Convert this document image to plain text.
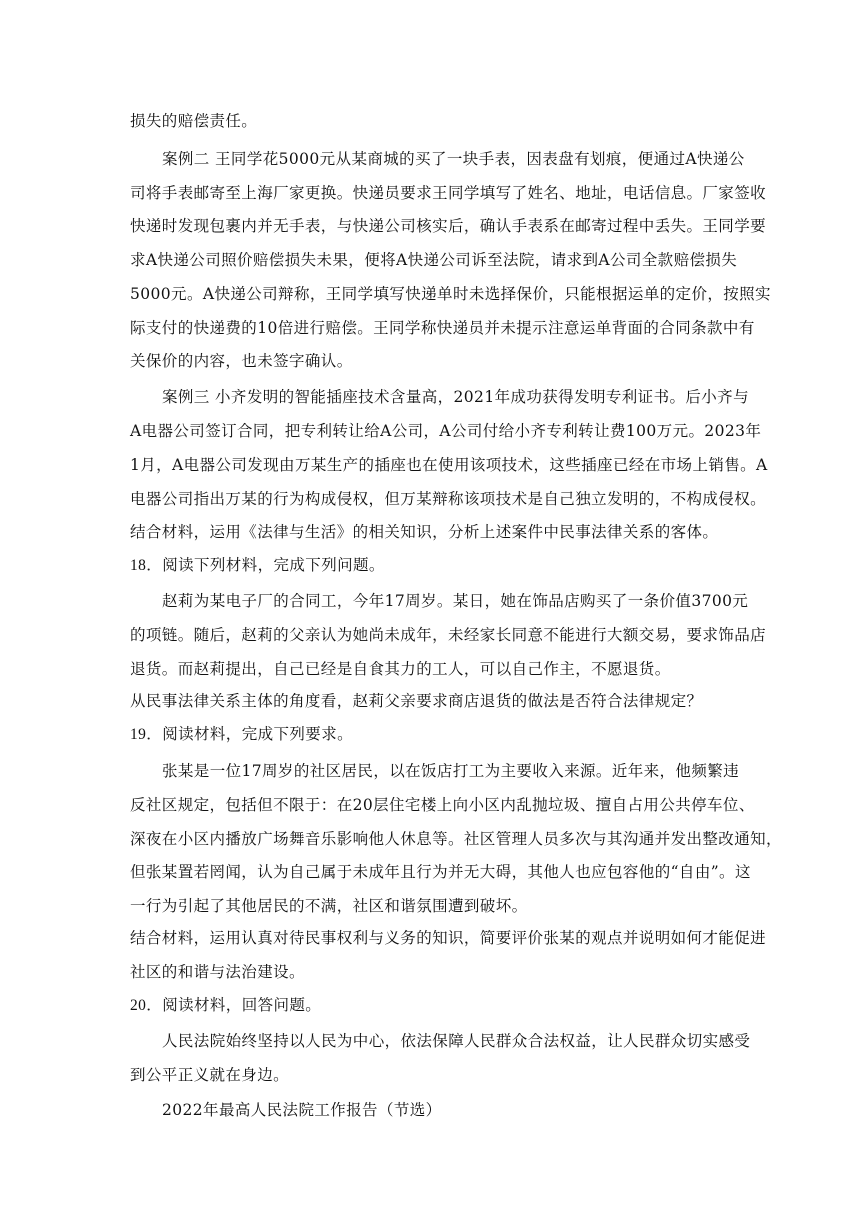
损失的赔偿责任。
案例二 王同学花5000元从某商城的买了一块手表，因表盘有划痕，便通过A快递公
司将手表邮寄至上海厂家更换。快递员要求王同学填写了姓名、地址，电话信息。厂家签收
快递时发现包裹内并无手表，与快递公司核实后，确认手表系在邮寄过程中丢失。王同学要
求A快递公司照价赔偿损失未果，便将A快递公司诉至法院，请求到A公司全款赔偿损失
5000元。A快递公司辩称，王同学填写快递单时未选择保价，只能根据运单的定价，按照实
际支付的快递费的10倍进行赔偿。王同学称快递员并未提示注意运单背面的合同条款中有
关保价的内容，也未签字确认。
案例三 小齐发明的智能插座技术含量高，2021年成功获得发明专利证书。后小齐与
A电器公司签订合同，把专利转让给A公司，A公司付给小齐专利转让费100万元。2023年
1月，A电器公司发现由万某生产的插座也在使用该项技术，这些插座已经在市场上销售。A
电器公司指出万某的行为构成侵权，但万某辩称该项技术是自己独立发明的，不构成侵权。
结合材料，运用《法律与生活》的相关知识，分析上述案件中民事法律关系的客体。
18．阅读下列材料，完成下列问题。
赵莉为某电子厂的合同工，今年17周岁。某日，她在饰品店购买了一条价值3700元
的项链。随后，赵莉的父亲认为她尚未成年，未经家长同意不能进行大额交易，要求饰品店
退货。而赵莉提出，自己已经是自食其力的工人，可以自己作主，不愿退货。
从民事法律关系主体的角度看，赵莉父亲要求商店退货的做法是否符合法律规定？
19．阅读材料，完成下列要求。
张某是一位17周岁的社区居民，以在饭店打工为主要收入来源。近年来，他频繁违
反社区规定，包括但不限于：在20层住宅楼上向小区内乱抛垃圾、擅自占用公共停车位、
深夜在小区内播放广场舞音乐影响他人休息等。社区管理人员多次与其沟通并发出整改通知，
但张某置若罔闻，认为自己属于未成年且行为并无大碍，其他人也应包容他的“自由”。这
一行为引起了其他居民的不满，社区和谐氛围遭到破坏。
结合材料，运用认真对待民事权利与义务的知识，简要评价张某的观点并说明如何才能促进
社区的和谐与法治建设。
20．阅读材料，回答问题。
人民法院始终坚持以人民为中心，依法保障人民群众合法权益，让人民群众切实感受
到公平正义就在身边。
2022年最高人民法院工作报告（节选）
